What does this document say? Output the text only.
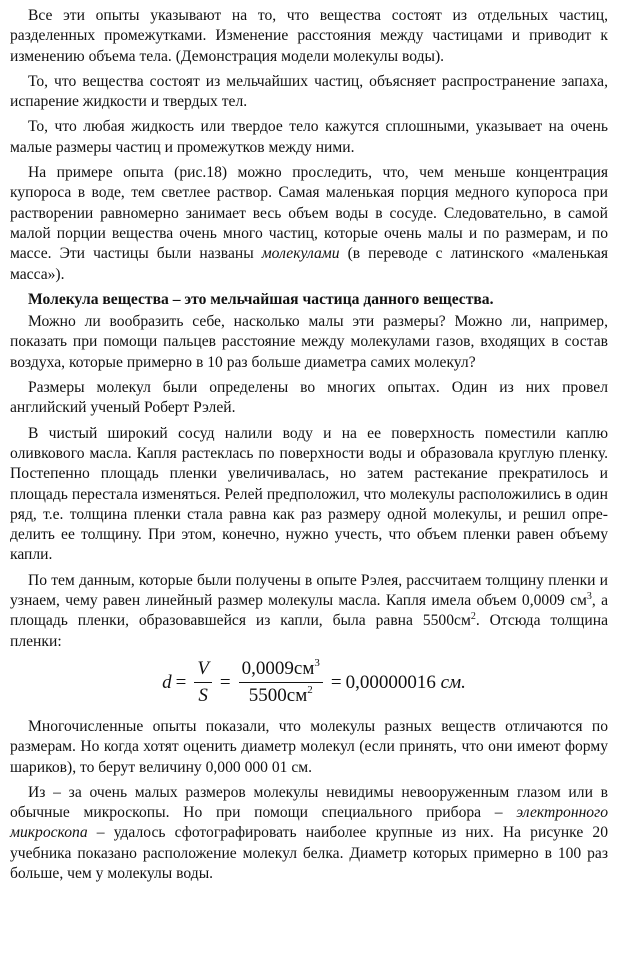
Все эти опыты указывают на то, что вещества состоят из отдельных частиц, разделенных промежутками. Изменение расстояния между частицами и приводит к изменению объема тела. (Демонстрация модели молекулы воды).

То, что вещества состоят из мельчайших частиц, объясняет распространение запаха, испарение жидкости и твердых тел.

То, что любая жидкость или твердое тело кажутся сплошными, указывает на очень малые размеры частиц и промежутков между ними.

На примере опыта (рис.18) можно проследить, что, чем меньше концентрация купороса в воде, тем светлее раствор. Самая маленькая порция медного купороса при растворении равномерно занимает весь объем воды в сосуде. Следовательно, в самой малой порции вещества очень много частиц, которые очень малы и по размерам, и по массе. Эти частицы были названы молекулами (в переводе с латинского «маленькая масса»).

Молекула вещества – это мельчайшая частица данного вещества.

Можно ли вообразить себе, насколько малы эти размеры? Можно ли, например, показать при помощи пальцев расстояние между молекулами газов, входящих в состав воздуха, которые примерно в 10 раз больше диаметра самих молекул?

Размеры молекул были определены во многих опытах. Один из них провел английский ученый Роберт Рэлей.

В чистый широкий сосуд налили воду и на ее поверхность поместили каплю оливкового масла. Капля растеклась по поверхности воды и образовала круглую пленку. Постепенно площадь пленки увеличивалась, но затем растекание прекратилось и площадь перестала изменяться. Релей предположил, что молекулы расположились в один ряд, т.е. толщина пленки стала равна как раз размеру одной молекулы, и решил определить ее толщину. При этом, конечно, нужно учесть, что объем пленки равен объему капли.

По тем данным, которые были получены в опыте Рэлея, рассчитаем толщину пленки и узнаем, чему равен линейный размер молекулы масла. Капля имела объем 0,0009 $см^3$, а площадь пленки, образовавшейся из капли, была равна $5500см^2$. Отсюда толщина пленки:

$d = \frac{V}{S} = \frac{0,0009см^3}{5500см^2} = 0,00000016$
см.

Многочисленные опыты показали, что молекулы разных веществ отличаются по размерам. Но когда хотят оценить диаметр молекул (если принять, что они имеют форму шариков), то берут величину 0,000 000 01 см.

Из – за очень малых размеров молекулы невидимы невооруженным глазом или в обычные микроскопы. Но при помощи специального прибора – электронного микроскопа – удалось сфотографировать наиболее крупные из них. На рисунке 20 учебника показано расположение молекул белка. Диаметр которых примерно в 100 раз больше, чем у молекулы воды.
